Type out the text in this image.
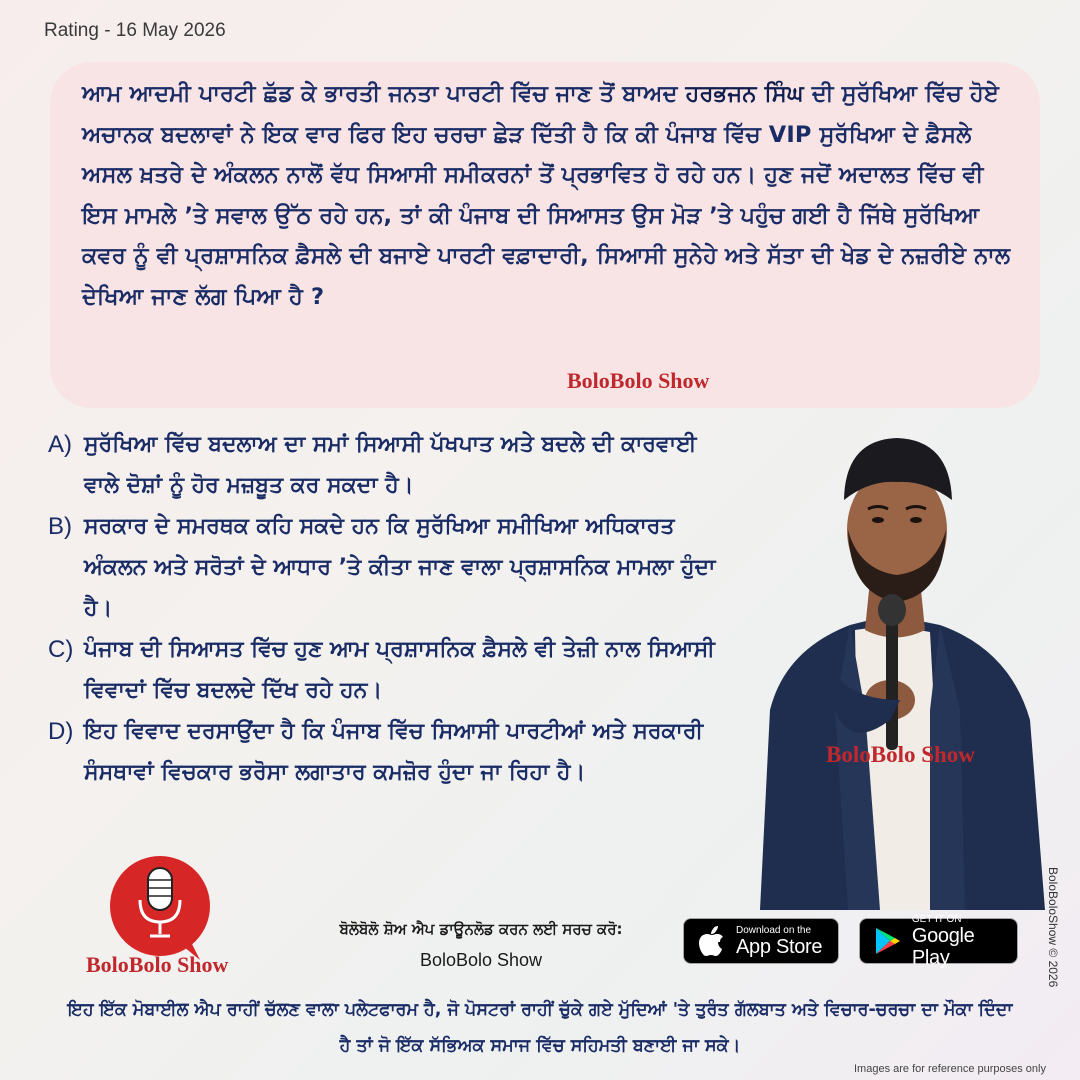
Rating - 16 May 2026
ਆਮ ਆਦਮੀ ਪਾਰਟੀ ਛੱਡ ਕੇ ਭਾਰਤੀ ਜਨਤਾ ਪਾਰਟੀ ਵਿੱਚ ਜਾਣ ਤੋਂ ਬਾਅਦ ਹਰਭਜਨ ਸਿੰਘ ਦੀ ਸੁਰੱਖਿਆ ਵਿੱਚ ਹੋਏ ਅਚਾਨਕ ਬਦਲਾਵਾਂ ਨੇ ਇਕ ਵਾਰ ਫਿਰ ਇਹ ਚਰਚਾ ਛੇੜ ਦਿੱਤੀ ਹੈ ਕਿ ਕੀ ਪੰਜਾਬ ਵਿੱਚ VIP ਸੁਰੱਖਿਆ ਦੇ ਫ਼ੈਸਲੇ ਅਸਲ ਖ਼ਤਰੇ ਦੇ ਅੰਕਲਨ ਨਾਲੋਂ ਵੱਧ ਸਿਆਸੀ ਸਮੀਕਰਨਾਂ ਤੋਂ ਪ੍ਰਭਾਵਿਤ ਹੋ ਰਹੇ ਹਨ। ਹੁਣ ਜਦੋਂ ਅਦਾਲਤ ਵਿੱਚ ਵੀ ਇਸ ਮਾਮਲੇ ’ਤੇ ਸਵਾਲ ਉੱਠ ਰਹੇ ਹਨ, ਤਾਂ ਕੀ ਪੰਜਾਬ ਦੀ ਸਿਆਸਤ ਉਸ ਮੋੜ ’ਤੇ ਪਹੁੰਚ ਗਈ ਹੈ ਜਿੱਥੇ ਸੁਰੱਖਿਆ ਕਵਰ ਨੂੰ ਵੀ ਪ੍ਰਸ਼ਾਸਨਿਕ ਫ਼ੈਸਲੇ ਦੀ ਬਜਾਏ ਪਾਰਟੀ ਵਫ਼ਾਦਾਰੀ, ਸਿਆਸੀ ਸੁਨੇਹੇ ਅਤੇ ਸੱਤਾ ਦੀ ਖੇਡ ਦੇ ਨਜ਼ਰੀਏ ਨਾਲ ਦੇਖਿਆ ਜਾਣ ਲੱਗ ਪਿਆ ਹੈ ?
BoloBolo Show
A) ਸੁਰੱਖਿਆ ਵਿੱਚ ਬਦਲਾਅ ਦਾ ਸਮਾਂ ਸਿਆਸੀ ਪੱਖਪਾਤ ਅਤੇ ਬਦਲੇ ਦੀ ਕਾਰਵਾਈ ਵਾਲੇ ਦੋਸ਼ਾਂ ਨੂੰ ਹੋਰ ਮਜ਼ਬੂਤ ਕਰ ਸਕਦਾ ਹੈ।
B) ਸਰਕਾਰ ਦੇ ਸਮਰਥਕ ਕਹਿ ਸਕਦੇ ਹਨ ਕਿ ਸੁਰੱਖਿਆ ਸਮੀਖਿਆ ਅਧਿਕਾਰਤ ਅੰਕਲਨ ਅਤੇ ਸਰੋਤਾਂ ਦੇ ਆਧਾਰ ’ਤੇ ਕੀਤਾ ਜਾਣ ਵਾਲਾ ਪ੍ਰਸ਼ਾਸਨਿਕ ਮਾਮਲਾ ਹੁੰਦਾ ਹੈ।
C) ਪੰਜਾਬ ਦੀ ਸਿਆਸਤ ਵਿੱਚ ਹੁਣ ਆਮ ਪ੍ਰਸ਼ਾਸਨਿਕ ਫ਼ੈਸਲੇ ਵੀ ਤੇਜ਼ੀ ਨਾਲ ਸਿਆਸੀ ਵਿਵਾਦਾਂ ਵਿੱਚ ਬਦਲਦੇ ਦਿੱਖ ਰਹੇ ਹਨ।
D) ਇਹ ਵਿਵਾਦ ਦਰਸਾਉਂਦਾ ਹੈ ਕਿ ਪੰਜਾਬ ਵਿੱਚ ਸਿਆਸੀ ਪਾਰਟੀਆਂ ਅਤੇ ਸਰਕਾਰੀ ਸੰਸਥਾਵਾਂ ਵਿਚਕਾਰ ਭਰੋਸਾ ਲਗਾਤਾਰ ਕਮਜ਼ੋਰ ਹੁੰਦਾ ਜਾ ਰਿਹਾ ਹੈ।
BoloBolo Show
BoloBolo Show
ਬੋਲੋਬੋਲੋ ਸ਼ੋਅ ਐਪ ਡਾਊਨਲੋਡ ਕਰਨ ਲਈ ਸਰਚ ਕਰੋ:
BoloBolo Show
Download on the
App Store
GET IT ON
Google Play
ਇਹ ਇੱਕ ਮੋਬਾਈਲ ਐਪ ਰਾਹੀਂ ਚੱਲਣ ਵਾਲਾ ਪਲੇਟਫਾਰਮ ਹੈ, ਜੋ ਪੋਸਟਰਾਂ ਰਾਹੀਂ ਚੁੱਕੇ ਗਏ ਮੁੱਦਿਆਂ 'ਤੇ ਤੁਰੰਤ ਗੱਲਬਾਤ ਅਤੇ ਵਿਚਾਰ-ਚਰਚਾ ਦਾ ਮੌਕਾ ਦਿੰਦਾ ਹੈ ਤਾਂ ਜੋ ਇੱਕ ਸੱਭਿਅਕ ਸਮਾਜ ਵਿੱਚ ਸਹਿਮਤੀ ਬਣਾਈ ਜਾ ਸਕੇ।
BoloBoloShow © 2026
Images are for reference purposes only
